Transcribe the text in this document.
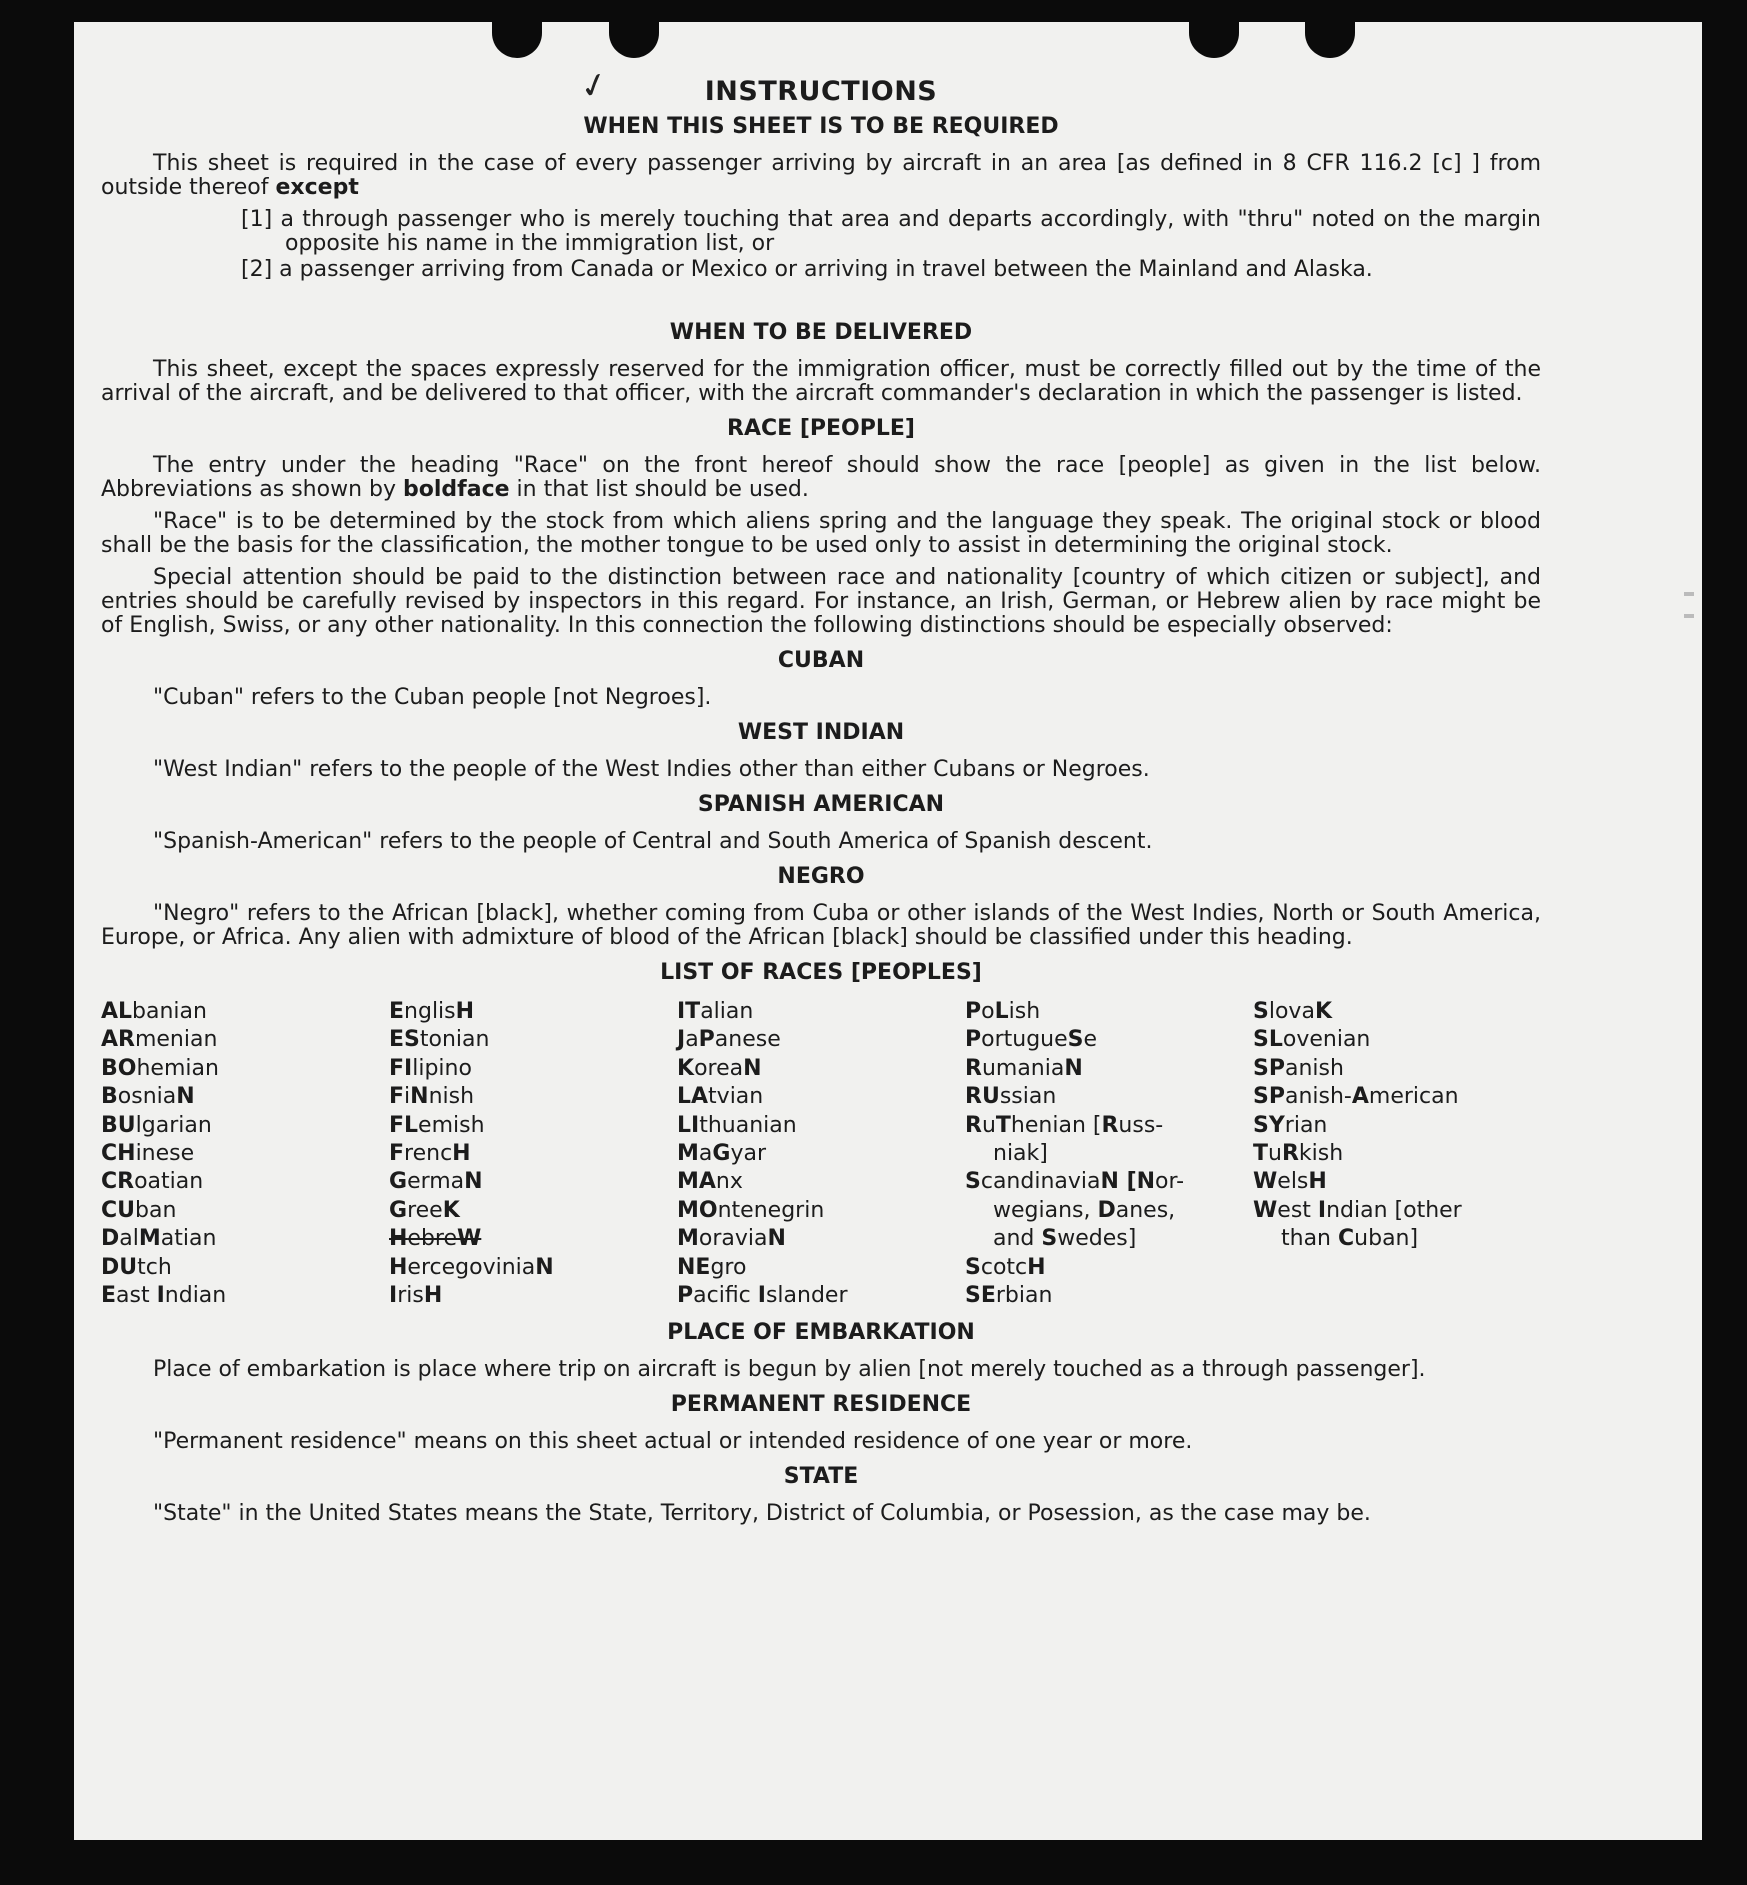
✓	INSTRUCTIONS
WHEN THIS SHEET IS TO BE REQUIRED

This sheet is required in the case of every passenger arriving by aircraft in an area [as defined in 8 CFR 116.2 [c] ] from outside thereof except

[1] a through passenger who is merely touching that area and departs accordingly, with "thru" noted on the margin opposite his name in the immigration list, or
[2] a passenger arriving from Canada or Mexico or arriving in travel between the Mainland and Alaska.
WHEN TO BE DELIVERED

This sheet, except the spaces expressly reserved for the immigration officer, must be correctly filled out by the time of the arrival of the aircraft, and be delivered to that officer, with the aircraft commander's declaration in which the passenger is listed.

RACE [PEOPLE]

The entry under the heading "Race" on the front hereof should show the race [people] as given in the list below. Abbreviations as shown by boldface in that list should be used.

"Race" is to be determined by the stock from which aliens spring and the language they speak. The original stock or blood shall be the basis for the classification, the mother tongue to be used only to assist in determining the original stock.

Special attention should be paid to the distinction between race and nationality [country of which citizen or subject], and entries should be carefully revised by inspectors in this regard. For instance, an Irish, German, or Hebrew alien by race might be of English, Swiss, or any other nationality. In this connection the following distinctions should be especially observed:

CUBAN

"Cuban" refers to the Cuban people [not Negroes].

WEST INDIAN

"West Indian" refers to the people of the West Indies other than either Cubans or Negroes.

SPANISH AMERICAN

"Spanish-American" refers to the people of Central and South America of Spanish descent.

NEGRO

"Negro" refers to the African [black], whether coming from Cuba or other islands of the West Indies, North or South America, Europe, or Africa. Any alien with admixture of blood of the African [black] should be classified under this heading.

LIST OF RACES [PEOPLES]
ALbanian
ARmenian
BOhemian
BosniaN
BUlgarian
CHinese
CRoatian
CUban
DalMatian
DUtch
East Indian
EnglisH
EStonian
FIlipino
FiNnish
FLemish
FrencH
GermaN
GreeK
HebreW
HercegoviniaN
IrisH
ITalian
JaPanese
KoreaN
LAtvian
LIthuanian
MaGyar
MAnx
MOntenegrin
MoraviaN
NEgro
Pacific Islander
PoLish
PortugueSe
RumaniaN
RUssian
RuThenian [Russ-
niak]
ScandinaviaN [Nor-
wegians, Danes,
and Swedes]
ScotcH
SErbian
SlovaK
SLovenian
SPanish
SPanish-American
SYrian
TuRkish
WelsH
West Indian [other
than Cuban]
PLACE OF EMBARKATION

Place of embarkation is place where trip on aircraft is begun by alien [not merely touched as a through passenger].

PERMANENT RESIDENCE

"Permanent residence" means on this sheet actual or intended residence of one year or more.

STATE

"State" in the United States means the State, Territory, District of Columbia, or Posession, as the case may be.
